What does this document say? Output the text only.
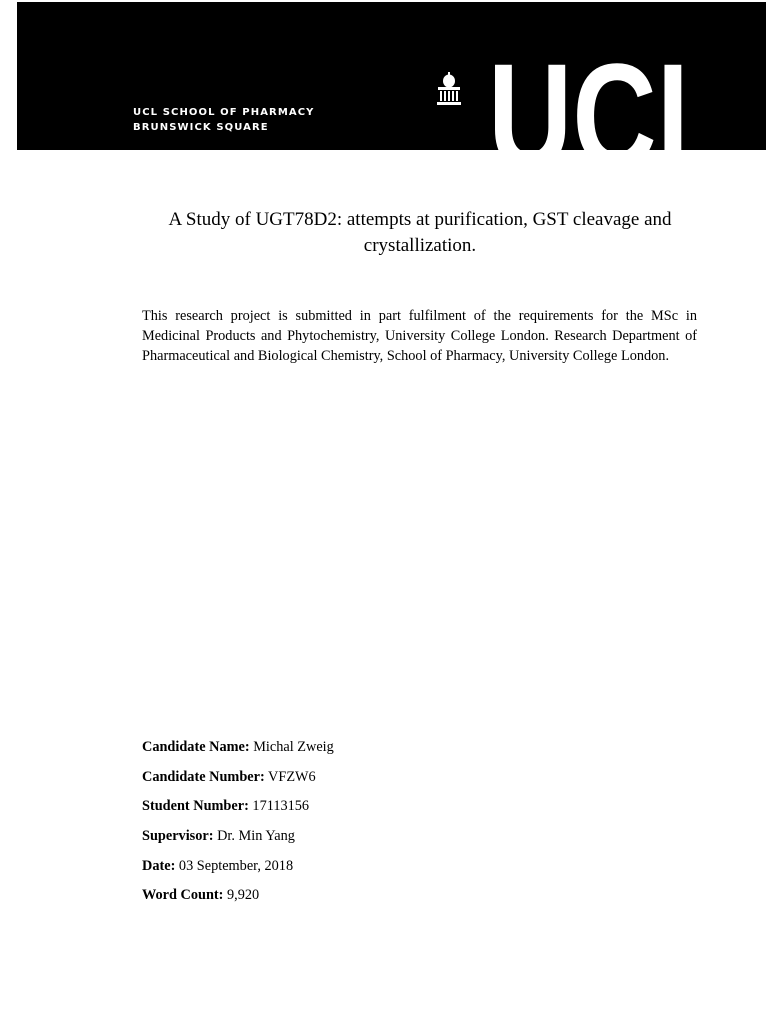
UCL SCHOOL OF PHARMACY
BRUNSWICK SQUARE UCL
A Study of UGT78D2: attempts at purification, GST cleavage and crystallization.
This research project is submitted in part fulfilment of the requirements for the MSc in Medicinal Products and Phytochemistry, University College London. Research Department of Pharmaceutical and Biological Chemistry, School of Pharmacy, University College London.
Candidate Name: Michal Zweig
Candidate Number: VFZW6
Student Number: 17113156
Supervisor: Dr. Min Yang
Date: 03 September, 2018
Word Count: 9,920
